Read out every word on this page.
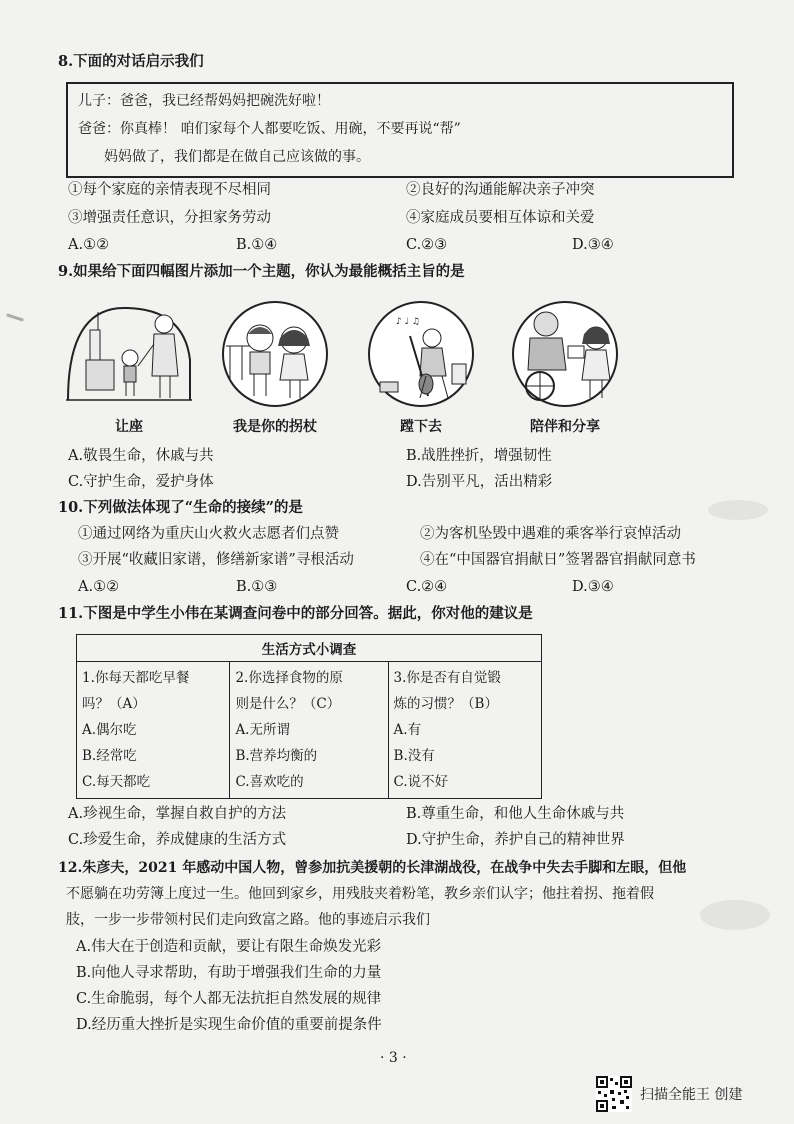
8.下面的对话启示我们
儿子：爸爸，我已经帮妈妈把碗洗好啦！
爸爸：你真棒！ 咱们家每个人都要吃饭、用碗，不要再说“帮”
妈妈做了，我们都是在做自己应该做的事。
①每个家庭的亲情表现不尽相同	②良好的沟通能解决亲子冲突
③增强责任意识，分担家务劳动	④家庭成员要相互体谅和关爱
A.①②	B.①④	C.②③	D.③④
9.如果给下面四幅图片添加一个主题，你认为最能概括主旨的是
让座	我是你的拐杖
♪ ♩ ♫
蹚下去	陪伴和分享
A.敬畏生命，休戚与共	B.战胜挫折，增强韧性
C.守护生命，爱护身体	D.告别平凡，活出精彩
10.下列做法体现了“生命的接续”的是
①通过网络为重庆山火救火志愿者们点赞	②为客机坠毁中遇难的乘客举行哀悼活动
③开展“收藏旧家谱，修缮新家谱”寻根活动	④在“中国器官捐献日”签署器官捐献同意书
A.①②	B.①③	C.②④	D.③④
11.下图是中学生小伟在某调查问卷中的部分回答。据此，你对他的建议是
生活方式小调查

1.你每天都吃早餐
吗？（A）
A.偶尔吃
B.经常吃
C.每天都吃

2.你选择食物的原
则是什么？（C）
A.无所谓
B.营养均衡的
C.喜欢吃的

3.你是否有自觉锻
炼的习惯？（B）
A.有
B.没有
C.说不好
A.珍视生命，掌握自救自护的方法	B.尊重生命，和他人生命休戚与共
C.珍爱生命，养成健康的生活方式	D.守护生命，养护自己的精神世界
12.朱彦夫，2021 年感动中国人物，曾参加抗美援朝的长津湖战役，在战争中失去手脚和左眼，但他
不愿躺在功劳簿上度过一生。他回到家乡，用残肢夹着粉笔，教乡亲们认字；他拄着拐、拖着假
肢，一步一步带领村民们走向致富之路。他的事迹启示我们
A.伟大在于创造和贡献，要让有限生命焕发光彩
B.向他人寻求帮助，有助于增强我们生命的力量
C.生命脆弱，每个人都无法抗拒自然发展的规律
D.经历重大挫折是实现生命价值的重要前提条件
· 3 ·
扫描全能王 创建
